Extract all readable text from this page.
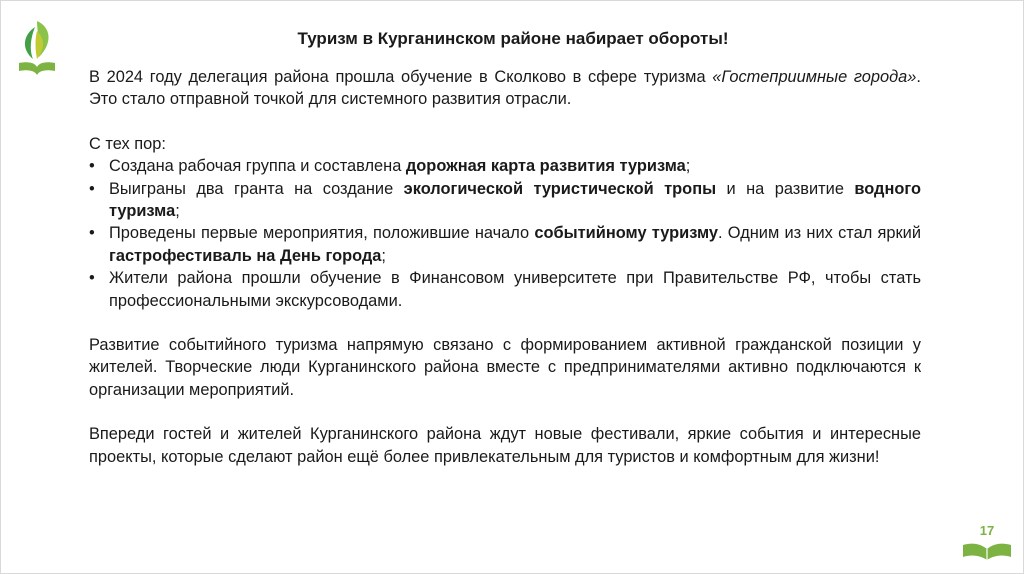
Туризм в Курганинском районе набирает обороты!

В 2024 году делегация района прошла обучение в Сколково в сфере туризма «Гостеприимные города». Это стало отправной точкой для системного развития отрасли.

С тех пор:

• Создана рабочая группа и составлена дорожная карта развития туризма;
• Выиграны два гранта на создание экологической туристической тропы и на развитие водного туризма;
• Проведены первые мероприятия, положившие начало событийному туризму. Одним из них стал яркий гастрофестиваль на День города;
• Жители района прошли обучение в Финансовом университете при Правительстве РФ, чтобы стать профессиональными экскурсоводами.

Развитие событийного туризма напрямую связано с формированием активной гражданской позиции у жителей. Творческие люди Курганинского района вместе с предпринимателями активно подключаются к организации мероприятий.

Впереди гостей и жителей Курганинского района ждут новые фестивали, яркие события и интересные проекты, которые сделают район ещё более привлекательным для туристов и комфортным для жизни!

17
